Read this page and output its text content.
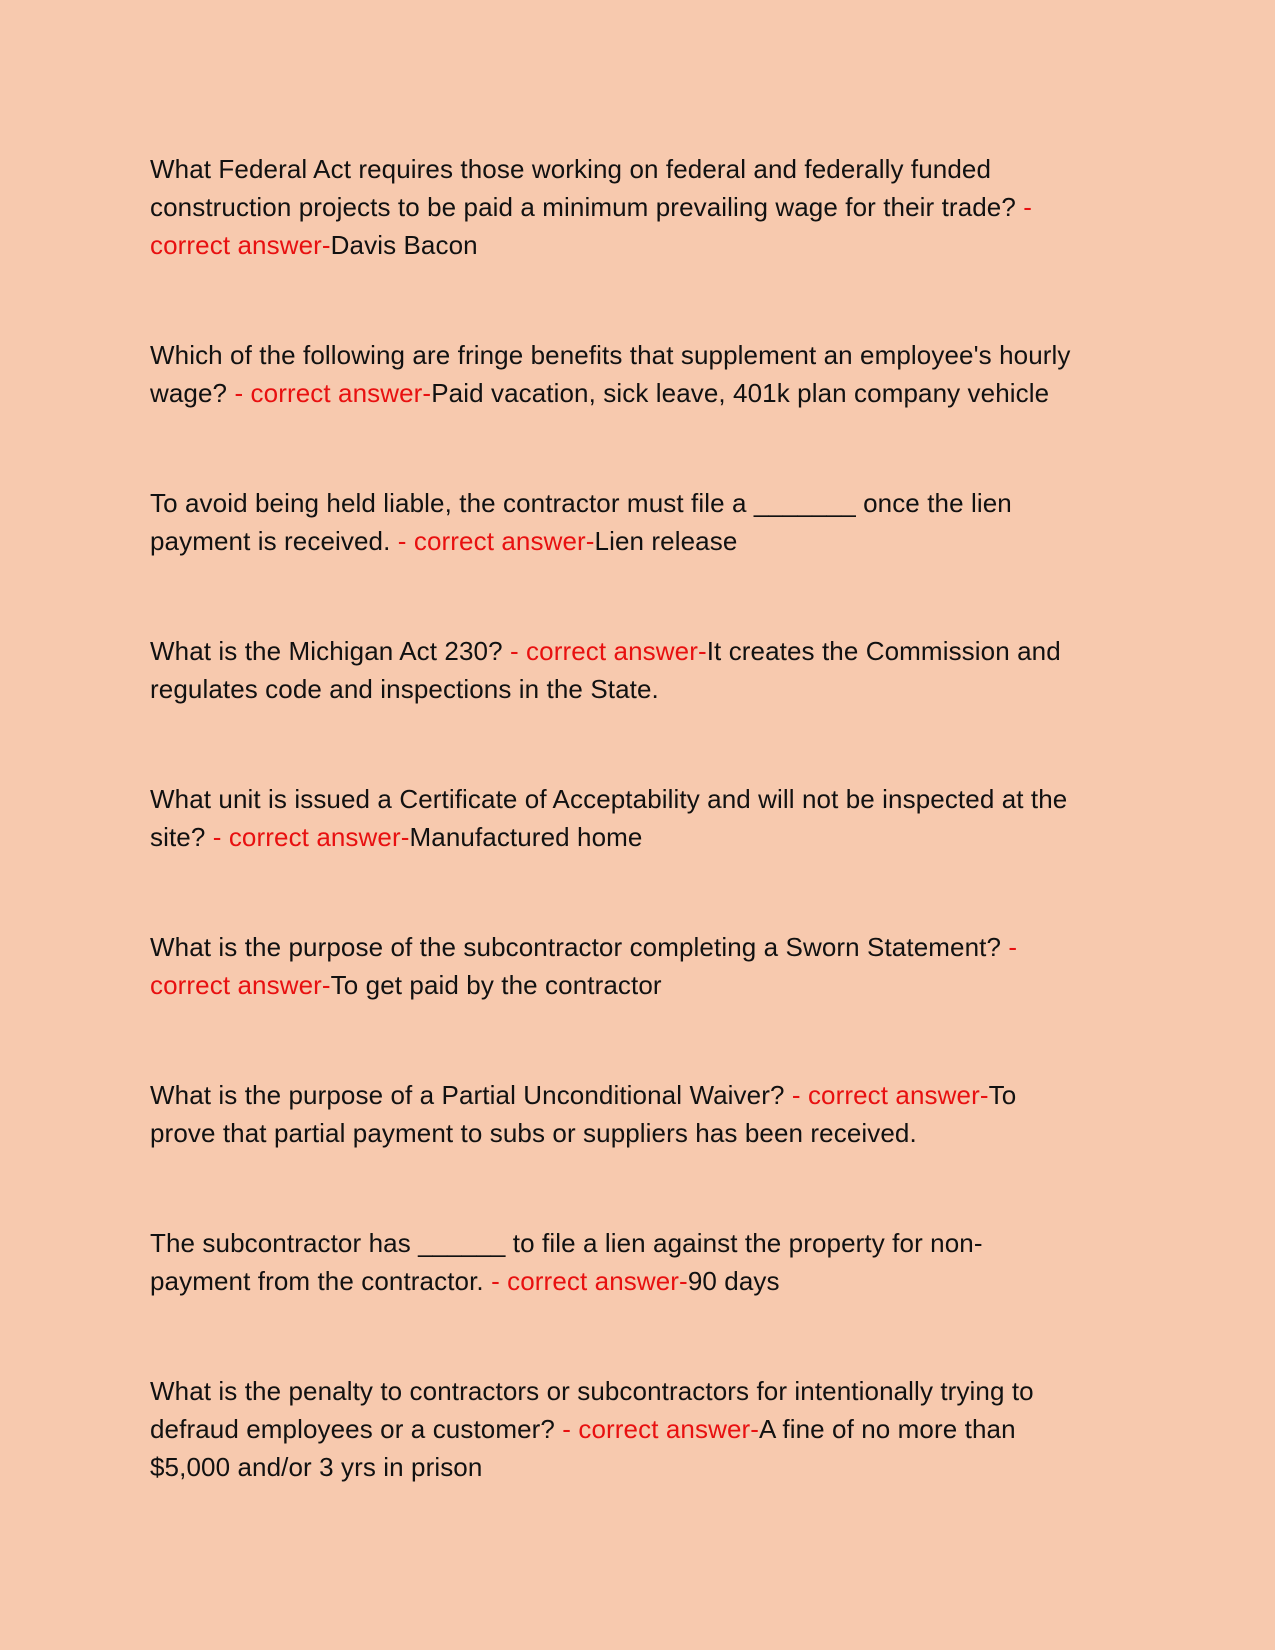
What Federal Act requires those working on federal and federally funded construction projects to be paid a minimum prevailing wage for their trade? - correct answer-Davis Bacon

Which of the following are fringe benefits that supplement an employee's hourly wage? - correct answer-Paid vacation, sick leave, 401k plan company vehicle

To avoid being held liable, the contractor must file a _______ once the lien payment is received. - correct answer-Lien release

What is the Michigan Act 230? - correct answer-It creates the Commission and regulates code and inspections in the State.

What unit is issued a Certificate of Acceptability and will not be inspected at the site? - correct answer-Manufactured home

What is the purpose of the subcontractor completing a Sworn Statement? - correct answer-To get paid by the contractor

What is the purpose of a Partial Unconditional Waiver? - correct answer-To prove that partial payment to subs or suppliers has been received.

The subcontractor has ______ to file a lien against the property for non-payment from the contractor. - correct answer-90 days

What is the penalty to contractors or subcontractors for intentionally trying to defraud employees or a customer? - correct answer-A fine of no more than $5,000 and/or 3 yrs in prison
